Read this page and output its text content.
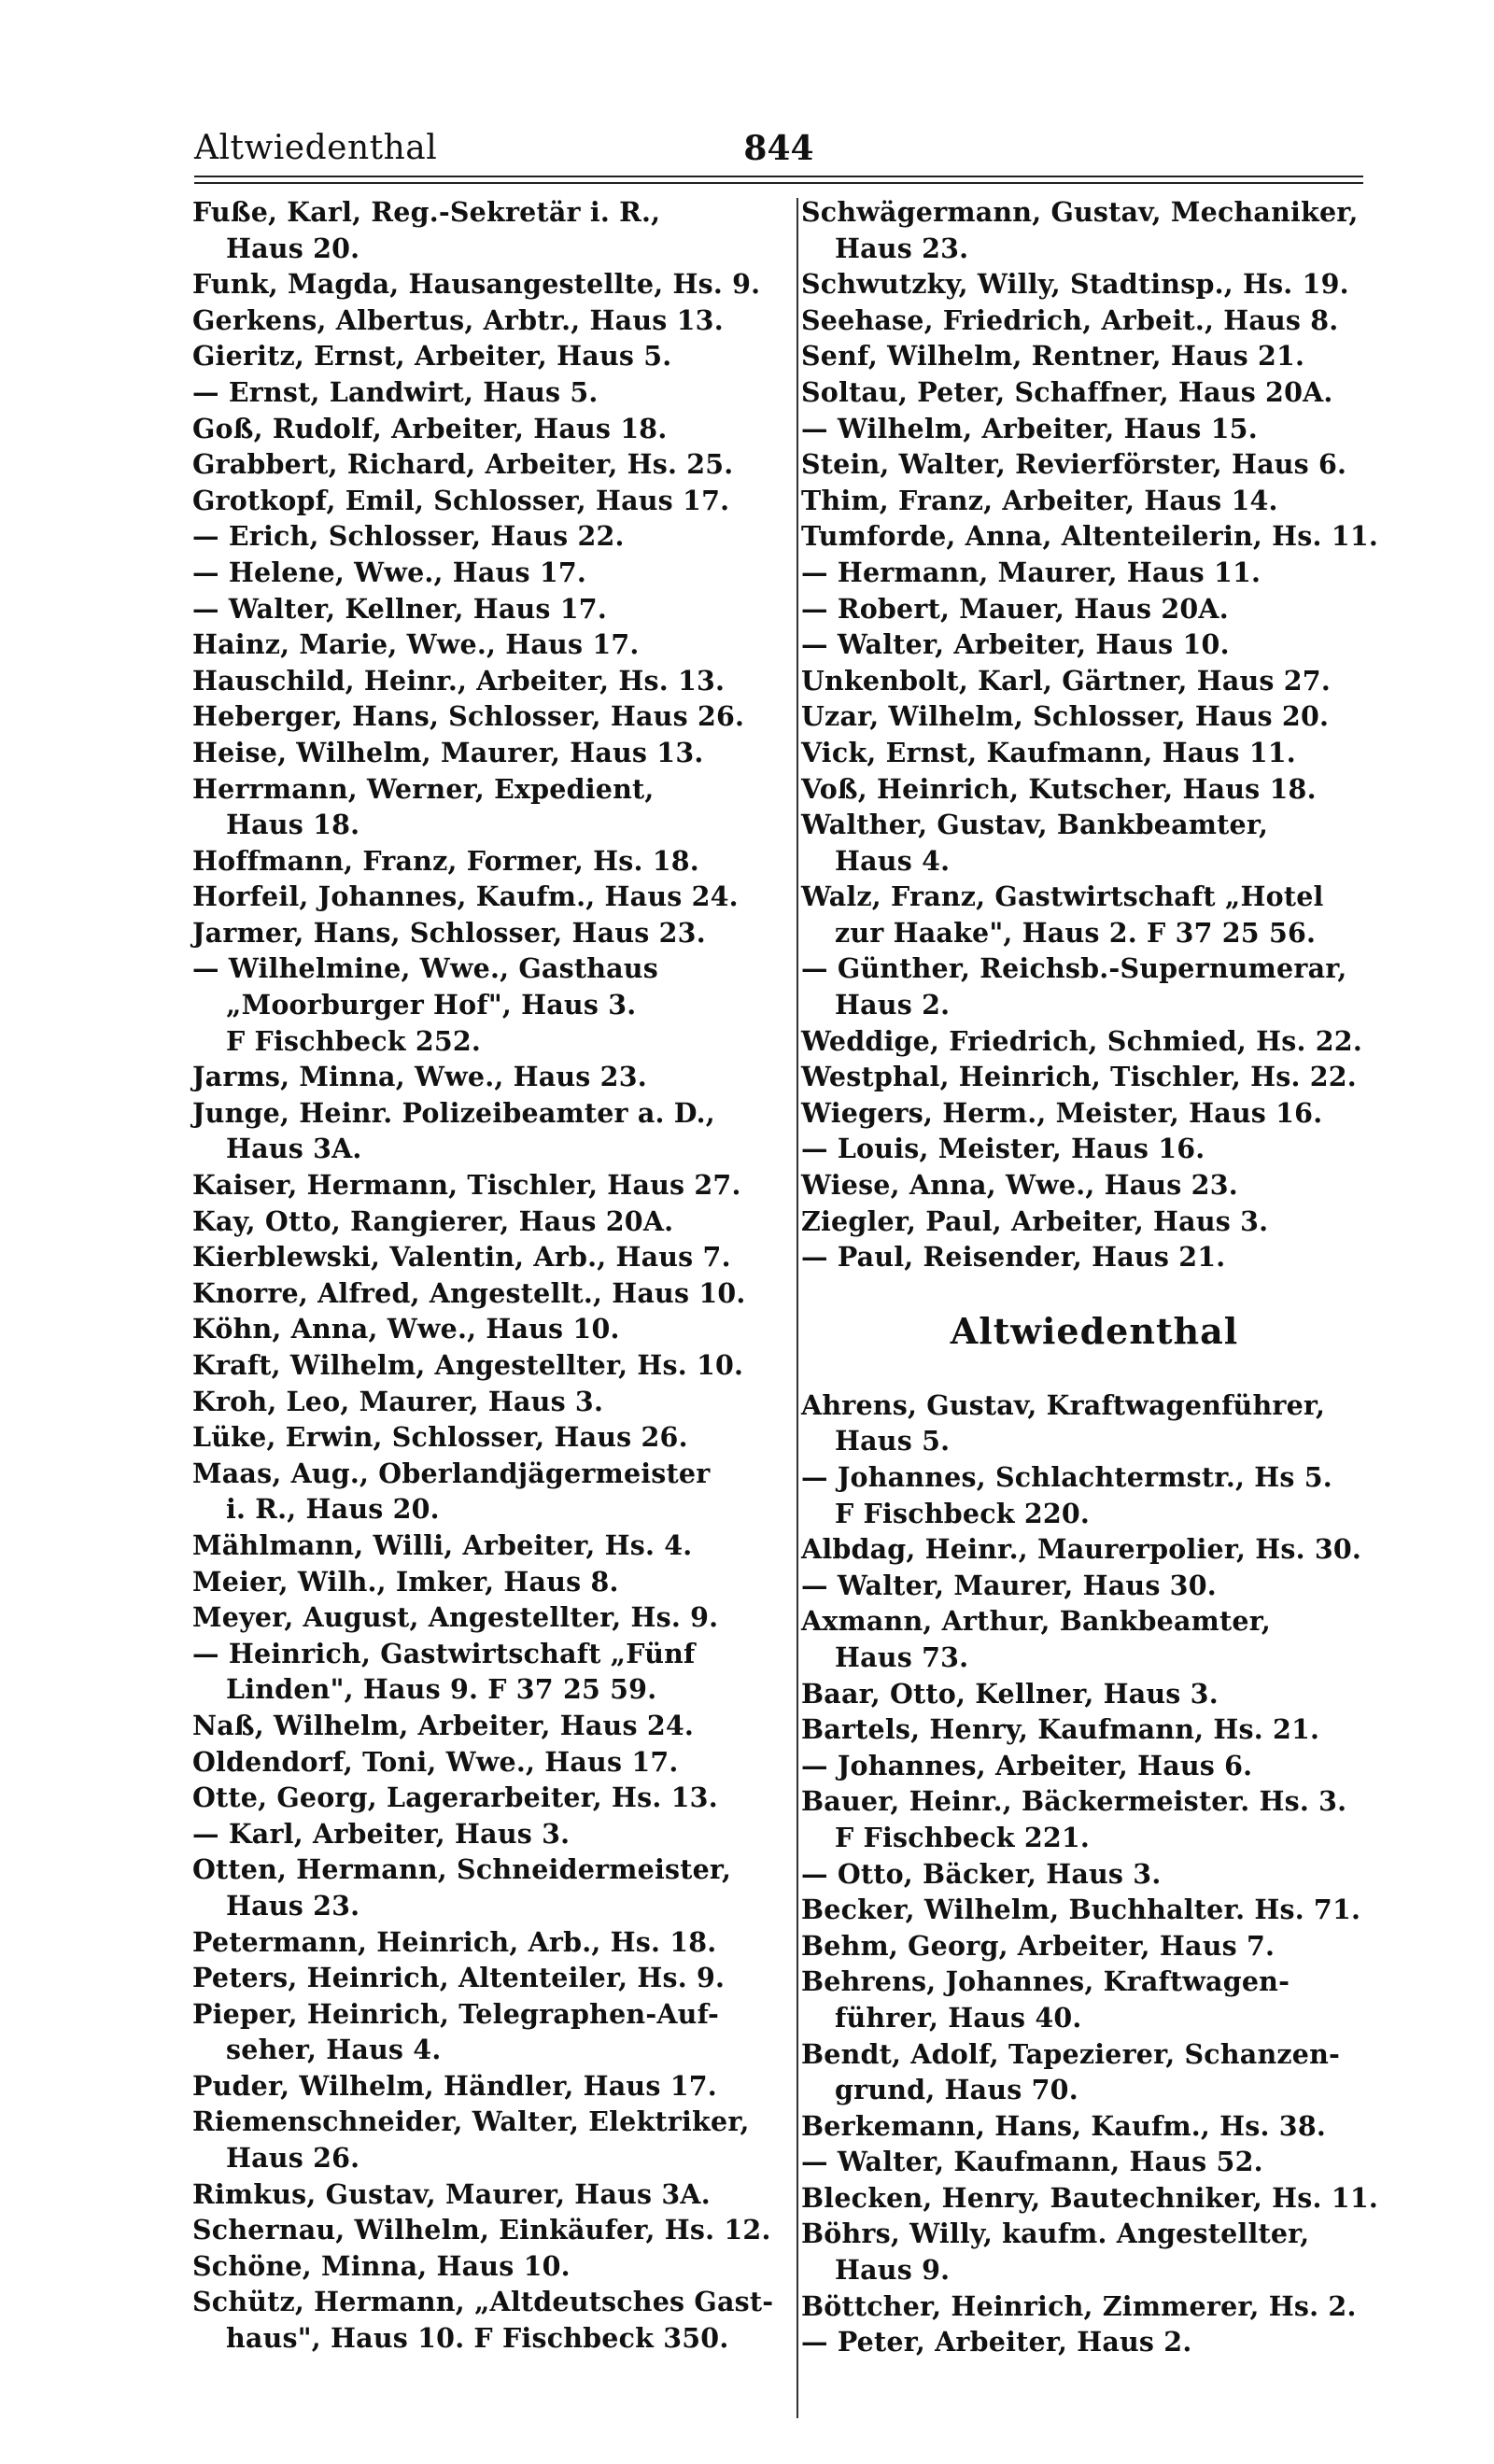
Altwiedenthal	844
Fuße, Karl, Reg.-Sekretär i. R.,
Haus 20.
Funk, Magda, Hausangestellte, Hs. 9.
Gerkens, Albertus, Arbtr., Haus 13.
Gieritz, Ernst, Arbeiter, Haus 5.
— Ernst, Landwirt, Haus 5.
Goß, Rudolf, Arbeiter, Haus 18.
Grabbert, Richard, Arbeiter, Hs. 25.
Grotkopf, Emil, Schlosser, Haus 17.
— Erich, Schlosser, Haus 22.
— Helene, Wwe., Haus 17.
— Walter, Kellner, Haus 17.
Hainz, Marie, Wwe., Haus 17.
Hauschild, Heinr., Arbeiter, Hs. 13.
Heberger, Hans, Schlosser, Haus 26.
Heise, Wilhelm, Maurer, Haus 13.
Herrmann, Werner, Expedient,
Haus 18.
Hoffmann, Franz, Former, Hs. 18.
Horfeil, Johannes, Kaufm., Haus 24.
Jarmer, Hans, Schlosser, Haus 23.
— Wilhelmine, Wwe., Gasthaus
„Moorburger Hof", Haus 3.
F Fischbeck 252.
Jarms, Minna, Wwe., Haus 23.
Junge, Heinr. Polizeibeamter a. D.,
Haus 3A.
Kaiser, Hermann, Tischler, Haus 27.
Kay, Otto, Rangierer, Haus 20A.
Kierblewski, Valentin, Arb., Haus 7.
Knorre, Alfred, Angestellt., Haus 10.
Köhn, Anna, Wwe., Haus 10.
Kraft, Wilhelm, Angestellter, Hs. 10.
Kroh, Leo, Maurer, Haus 3.
Lüke, Erwin, Schlosser, Haus 26.
Maas, Aug., Oberlandjägermeister
i. R., Haus 20.
Mählmann, Willi, Arbeiter, Hs. 4.
Meier, Wilh., Imker, Haus 8.
Meyer, August, Angestellter, Hs. 9.
— Heinrich, Gastwirtschaft „Fünf
Linden", Haus 9. F 37 25 59.
Naß, Wilhelm, Arbeiter, Haus 24.
Oldendorf, Toni, Wwe., Haus 17.
Otte, Georg, Lagerarbeiter, Hs. 13.
— Karl, Arbeiter, Haus 3.
Otten, Hermann, Schneidermeister,
Haus 23.
Petermann, Heinrich, Arb., Hs. 18.
Peters, Heinrich, Altenteiler, Hs. 9.
Pieper, Heinrich, Telegraphen-Auf-
seher, Haus 4.
Puder, Wilhelm, Händler, Haus 17.
Riemenschneider, Walter, Elektriker,
Haus 26.
Rimkus, Gustav, Maurer, Haus 3A.
Schernau, Wilhelm, Einkäufer, Hs. 12.
Schöne, Minna, Haus 10.
Schütz, Hermann, „Altdeutsches Gast-
haus", Haus 10. F Fischbeck 350.
Schwägermann, Gustav, Mechaniker,
Haus 23.
Schwutzky, Willy, Stadtinsp., Hs. 19.
Seehase, Friedrich, Arbeit., Haus 8.
Senf, Wilhelm, Rentner, Haus 21.
Soltau, Peter, Schaffner, Haus 20A.
— Wilhelm, Arbeiter, Haus 15.
Stein, Walter, Revierförster, Haus 6.
Thim, Franz, Arbeiter, Haus 14.
Tumforde, Anna, Altenteilerin, Hs. 11.
— Hermann, Maurer, Haus 11.
— Robert, Mauer, Haus 20A.
— Walter, Arbeiter, Haus 10.
Unkenbolt, Karl, Gärtner, Haus 27.
Uzar, Wilhelm, Schlosser, Haus 20.
Vick, Ernst, Kaufmann, Haus 11.
Voß, Heinrich, Kutscher, Haus 18.
Walther, Gustav, Bankbeamter,
Haus 4.
Walz, Franz, Gastwirtschaft „Hotel
zur Haake", Haus 2. F 37 25 56.
— Günther, Reichsb.-Supernumerar,
Haus 2.
Weddige, Friedrich, Schmied, Hs. 22.
Westphal, Heinrich, Tischler, Hs. 22.
Wiegers, Herm., Meister, Haus 16.
— Louis, Meister, Haus 16.
Wiese, Anna, Wwe., Haus 23.
Ziegler, Paul, Arbeiter, Haus 3.
— Paul, Reisender, Haus 21.
Altwiedenthal
Ahrens, Gustav, Kraftwagenführer,
Haus 5.
— Johannes, Schlachtermstr., Hs 5.
F Fischbeck 220.
Albdag, Heinr., Maurerpolier, Hs. 30.
— Walter, Maurer, Haus 30.
Axmann, Arthur, Bankbeamter,
Haus 73.
Baar, Otto, Kellner, Haus 3.
Bartels, Henry, Kaufmann, Hs. 21.
— Johannes, Arbeiter, Haus 6.
Bauer, Heinr., Bäckermeister. Hs. 3.
F Fischbeck 221.
— Otto, Bäcker, Haus 3.
Becker, Wilhelm, Buchhalter. Hs. 71.
Behm, Georg, Arbeiter, Haus 7.
Behrens, Johannes, Kraftwagen-
führer, Haus 40.
Bendt, Adolf, Tapezierer, Schanzen-
grund, Haus 70.
Berkemann, Hans, Kaufm., Hs. 38.
— Walter, Kaufmann, Haus 52.
Blecken, Henry, Bautechniker, Hs. 11.
Böhrs, Willy, kaufm. Angestellter,
Haus 9.
Böttcher, Heinrich, Zimmerer, Hs. 2.
— Peter, Arbeiter, Haus 2.
